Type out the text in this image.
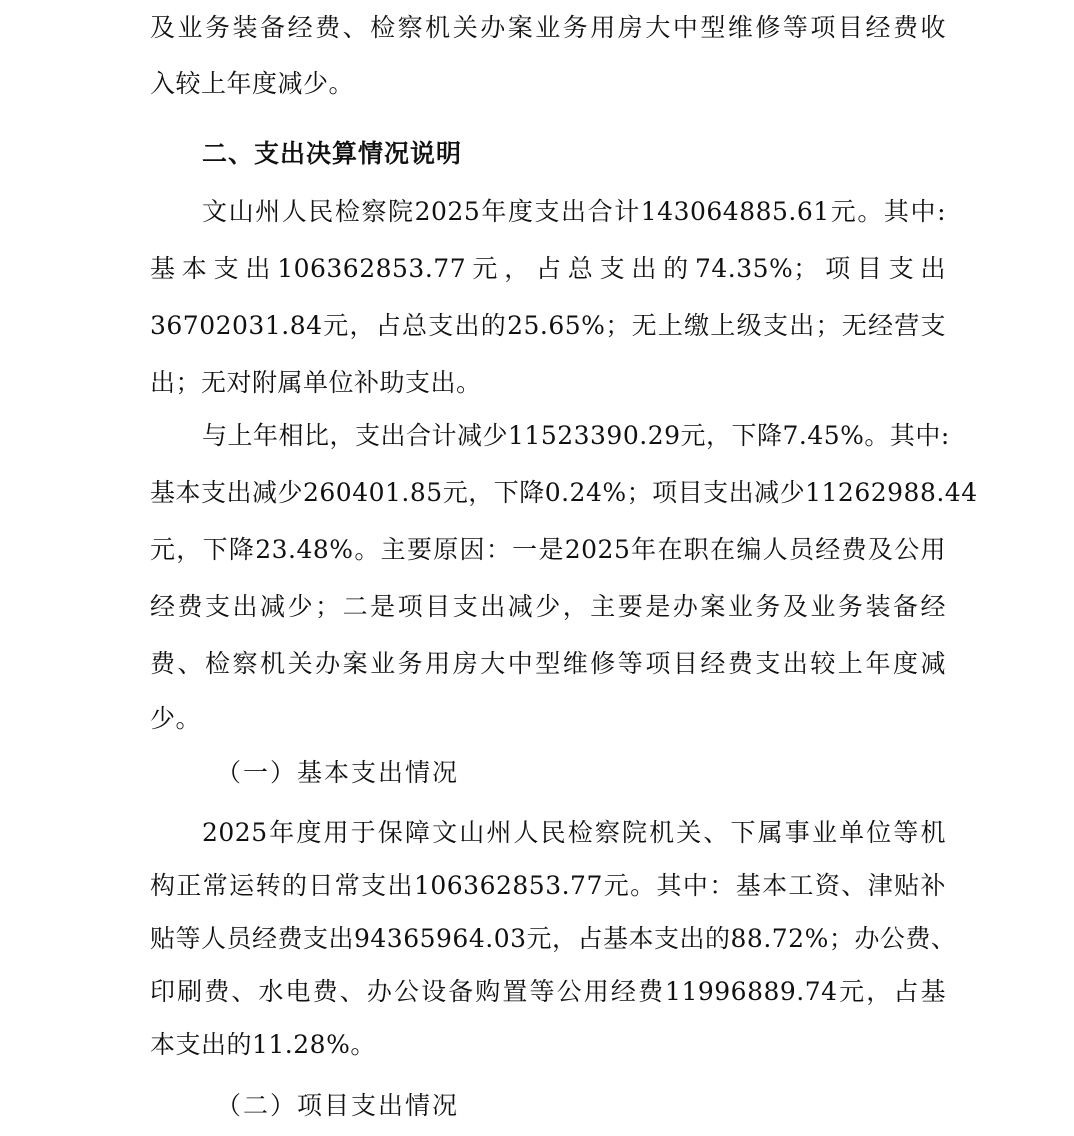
及业务装备经费、检察机关办案业务用房大中型维修等项目经费收
入较上年度减少。
二、支出决算情况说明
文山州人民检察院2025年度支出合计143064885.61元。其中:
基本支出106362853.77元，占总支出的74.35%；项目支出
36702031.84元，占总支出的25.65%；无上缴上级支出；无经营支
出；无对附属单位补助支出。
与上年相比，支出合计减少11523390.29元，下降7.45%。其中:
基本支出减少260401.85元，下降0.24%；项目支出减少11262988.44
元，下降23.48%。主要原因：一是2025年在职在编人员经费及公用
经费支出减少；二是项目支出减少，主要是办案业务及业务装备经
费、检察机关办案业务用房大中型维修等项目经费支出较上年度减
少。
（一）基本支出情况
2025年度用于保障文山州人民检察院机关、下属事业单位等机
构正常运转的日常支出106362853.77元。其中：基本工资、津贴补
贴等人员经费支出94365964.03元，占基本支出的88.72%；办公费、
印刷费、水电费、办公设备购置等公用经费11996889.74元，占基
本支出的11.28%。
（二）项目支出情况
